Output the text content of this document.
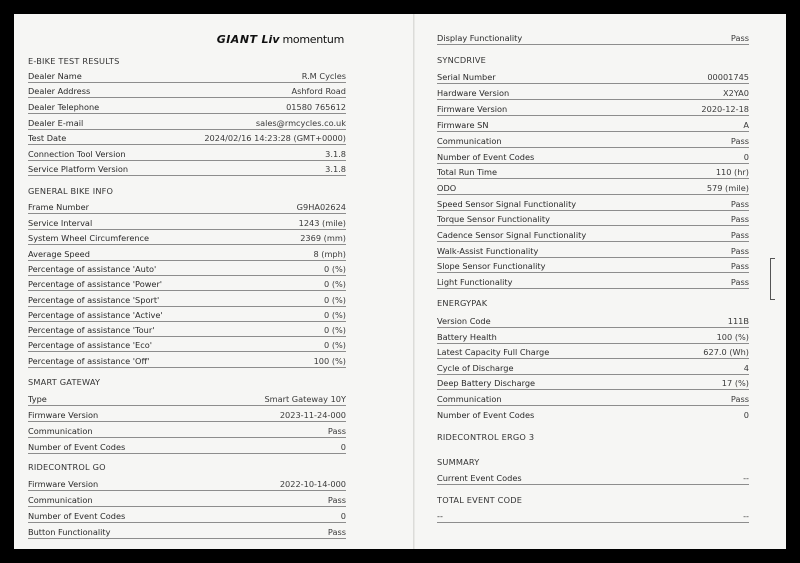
GIANT Liv momentum
E-BIKE TEST RESULTS
Dealer Name	R.M Cycles
Dealer Address	Ashford Road
Dealer Telephone	01580 765612
Dealer E-mail	sales@rmcycles.co.uk
Test Date	2024/02/16 14:23:28 (GMT+0000)
Connection Tool Version	3.1.8
Service Platform Version	3.1.8
GENERAL BIKE INFO
Frame Number	G9HA02624
Service Interval	1243 (mile)
System Wheel Circumference	2369 (mm)
Average Speed	8 (mph)
Percentage of assistance 'Auto'	0 (%)
Percentage of assistance 'Power'	0 (%)
Percentage of assistance 'Sport'	0 (%)
Percentage of assistance 'Active'	0 (%)
Percentage of assistance 'Tour'	0 (%)
Percentage of assistance 'Eco'	0 (%)
Percentage of assistance 'Off'	100 (%)
SMART GATEWAY
Type	Smart Gateway 10Y
Firmware Version	2023-11-24-000
Communication	Pass
Number of Event Codes	0
RIDECONTROL GO
Firmware Version	2022-10-14-000
Communication	Pass
Number of Event Codes	0
Button Functionality	Pass
Display Functionality	Pass
SYNCDRIVE
Serial Number	00001745
Hardware Version	X2YA0
Firmware Version	2020-12-18
Firmware SN	A
Communication	Pass
Number of Event Codes	0
Total Run Time	110 (hr)
ODO	579 (mile)
Speed Sensor Signal Functionality	Pass
Torque Sensor Functionality	Pass
Cadence Sensor Signal Functionality	Pass
Walk-Assist Functionality	Pass
Slope Sensor Functionality	Pass
Light Functionality	Pass
ENERGYPAK
Version Code	111B
Battery Health	100 (%)
Latest Capacity Full Charge	627.0 (Wh)
Cycle of Discharge	4
Deep Battery Discharge	17 (%)
Communication	Pass
Number of Event Codes	0
RIDECONTROL ERGO 3
SUMMARY
Current Event Codes	--
TOTAL EVENT CODE
--	--
